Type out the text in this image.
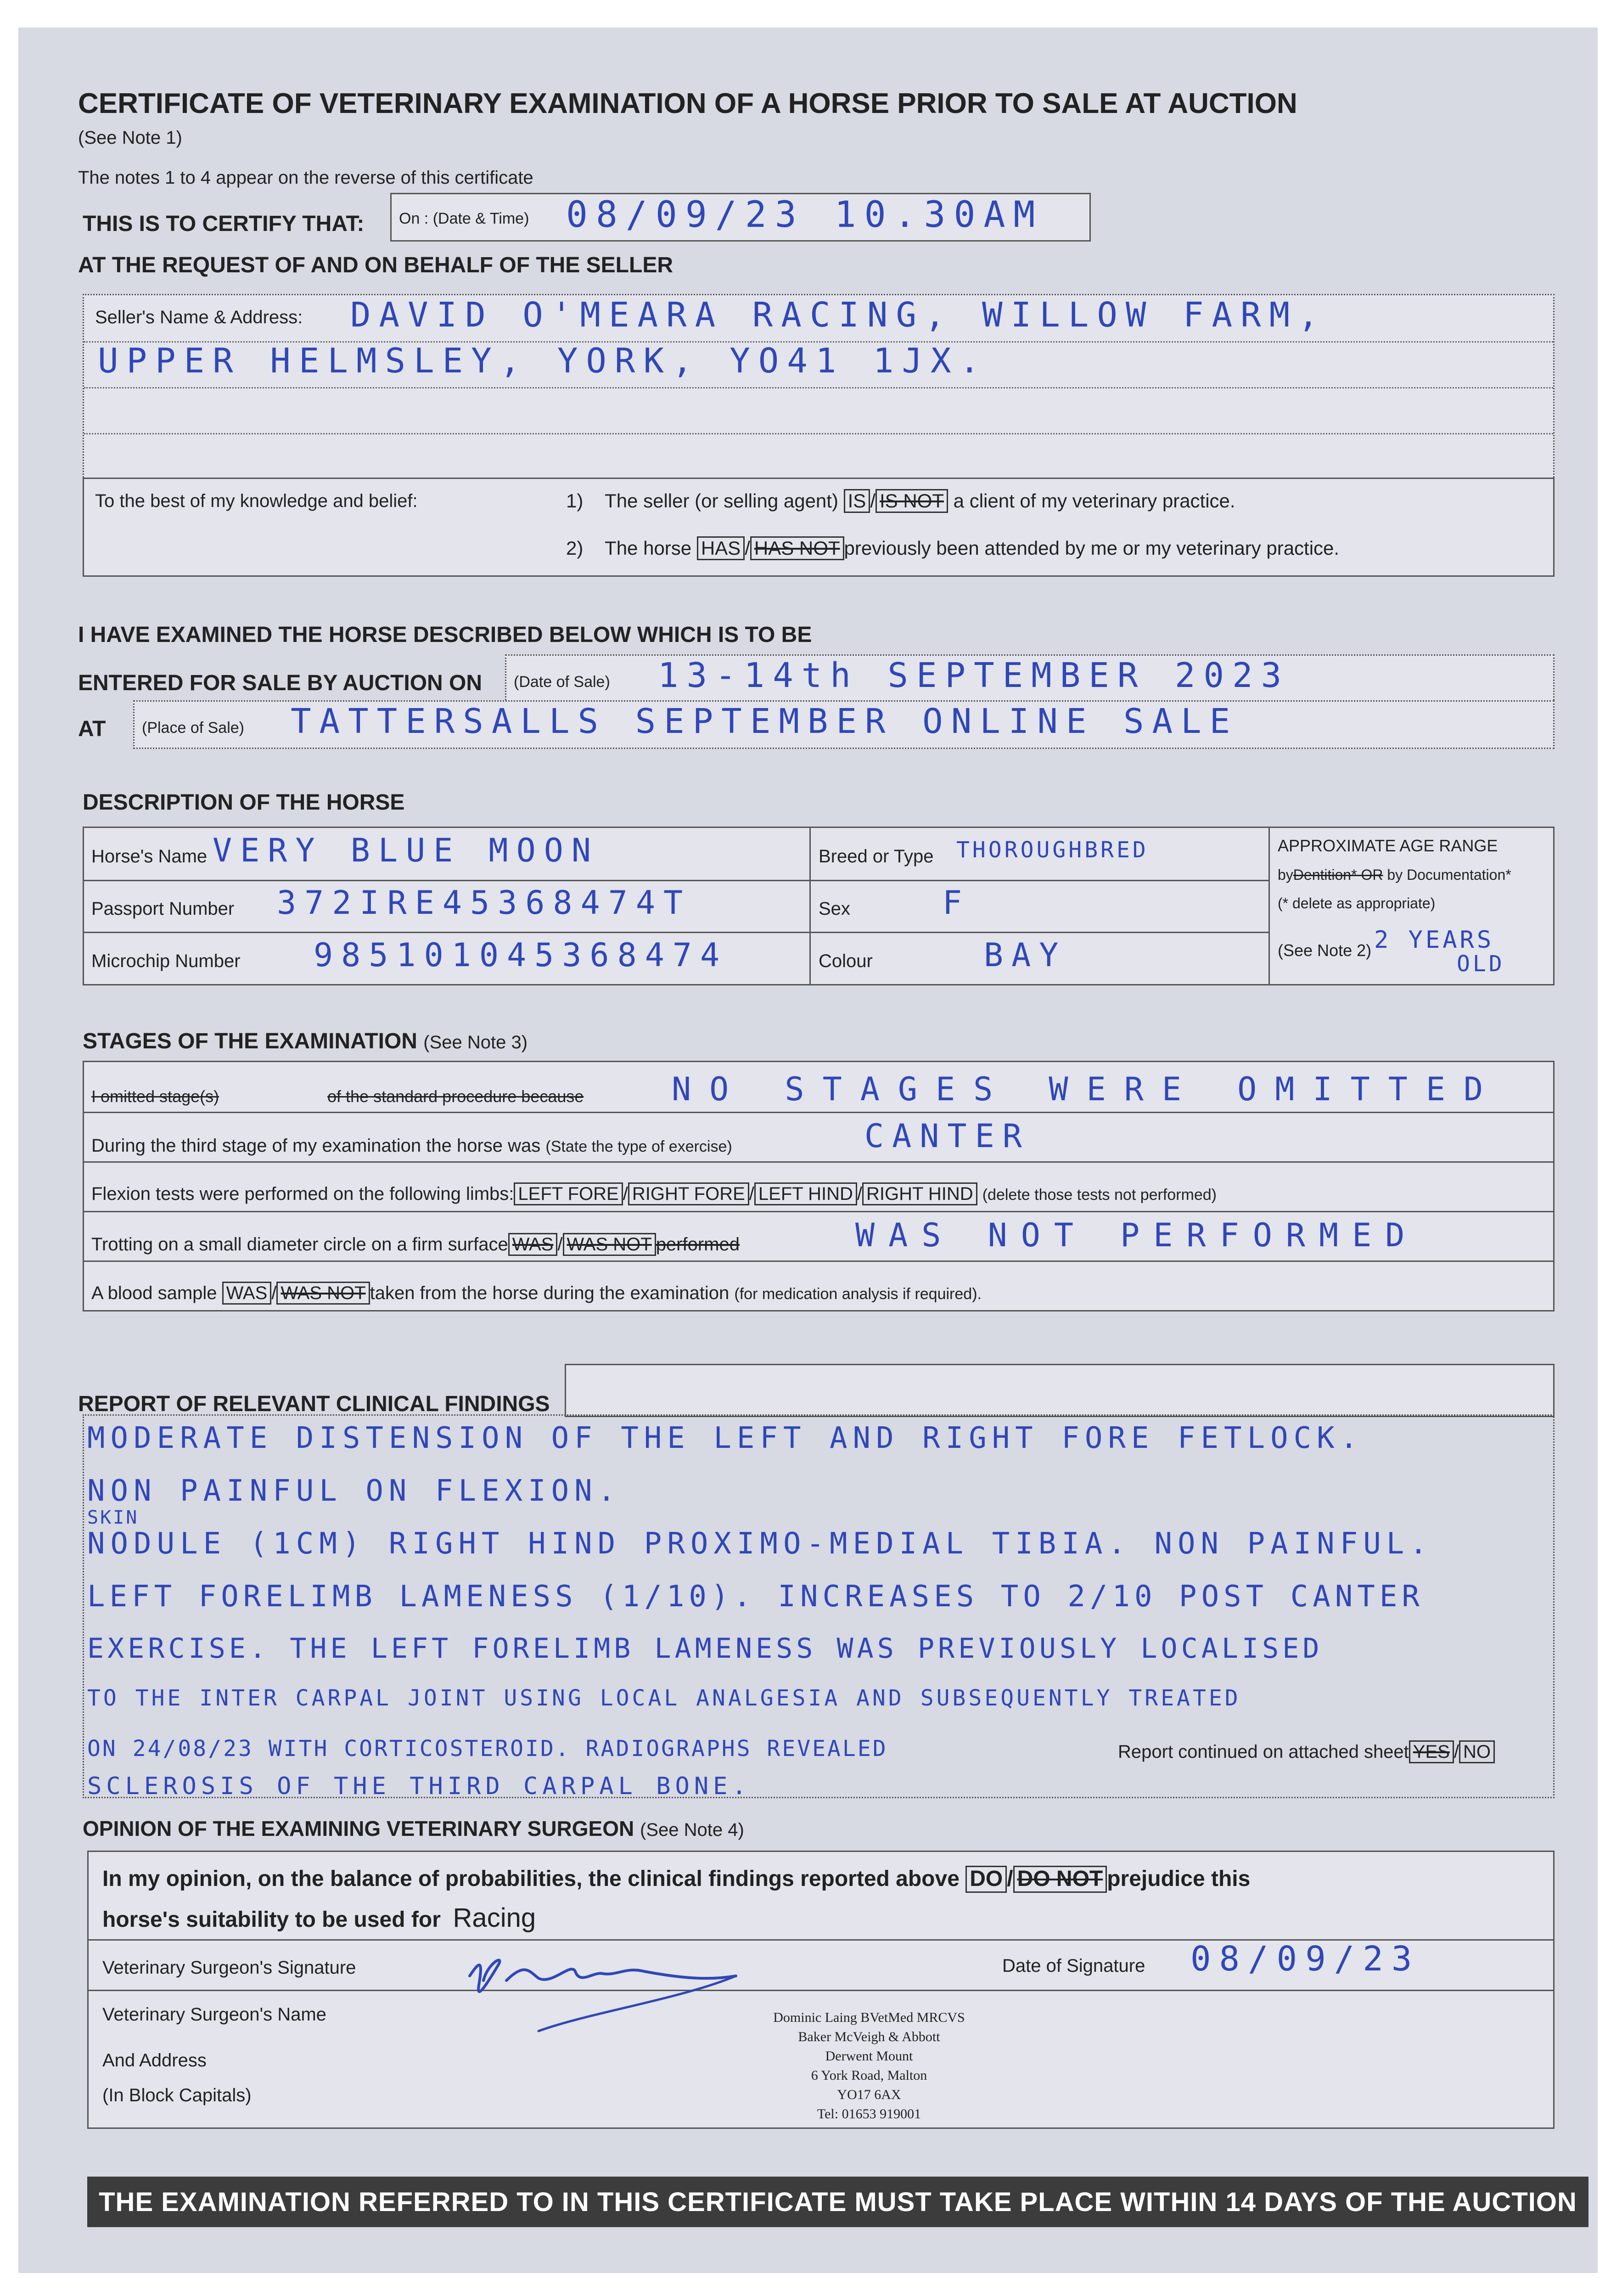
CERTIFICATE OF VETERINARY EXAMINATION OF A HORSE PRIOR TO SALE AT AUCTION
(See Note 1)
The notes 1 to 4 appear on the reverse of this certificate
THIS IS TO CERTIFY THAT: On : (Date & Time) 08/09/23 10.30AM
AT THE REQUEST OF AND ON BEHALF OF THE SELLER
Seller's Name & Address: DAVID O'MEARA RACING, WILLOW FARM,
UPPER HELMSLEY, YORK, YO41 1JX.
To the best of my knowledge and belief:	1) The seller (or selling agent) IS / IS NOT a client of my veterinary practice.
2) The horse HAS / HAS NOT previously been attended by me or my veterinary practice.
I HAVE EXAMINED THE HORSE DESCRIBED BELOW WHICH IS TO BE
ENTERED FOR SALE BY AUCTION ON (Date of Sale) 13-14th SEPTEMBER 2023
AT (Place of Sale) TATTERSALLS SEPTEMBER ONLINE SALE
DESCRIPTION OF THE HORSE
Horse's Name VERY BLUE MOON
Passport Number 372IRE45368474T
Microchip Number 985101045368474
Breed or Type THOROUGHBRED
Sex	F
Colour	BAY
APPROXIMATE AGE RANGE
byDentition* OR by Documentation*
(* delete as appropriate)
(See Note 2) 2 YEARS
OLD
STAGES OF THE EXAMINATION (See Note 3)
I omitted stage(s)	of the standard procedure because	NO STAGES WERE OMITTED
During the third stage of my examination the horse was (State the type of exercise)	CANTER
Flexion tests were performed on the following limbs: LEFT FORE / RIGHT FORE / LEFT HIND / RIGHT HIND (delete those tests not performed)
Trotting on a small diameter circle on a firm surface WAS / WAS NOT performed	WAS NOT PERFORMED
A blood sample WAS / WAS NOT taken from the horse during the examination (for medication analysis if required).
REPORT OF RELEVANT CLINICAL FINDINGS
MODERATE DISTENSION OF THE LEFT AND RIGHT FORE FETLOCK.
NON PAINFUL ON FLEXION.
SKIN
NODULE (1CM) RIGHT HIND PROXIMO-MEDIAL TIBIA. NON PAINFUL.
LEFT FORELIMB LAMENESS (1/10). INCREASES TO 2/10 POST CANTER
EXERCISE. THE LEFT FORELIMB LAMENESS WAS PREVIOUSLY LOCALISED
TO THE INTER CARPAL JOINT USING LOCAL ANALGESIA AND SUBSEQUENTLY TREATED
ON 24/08/23 WITH CORTICOSTEROID. RADIOGRAPHS REVEALED	Report continued on attached sheet YES / NO
SCLEROSIS OF THE THIRD CARPAL BONE.
OPINION OF THE EXAMINING VETERINARY SURGEON (See Note 4)
In my opinion, on the balance of probabilities, the clinical findings reported above DO / DO NOT prejudice this
horse's suitability to be used for Racing
Veterinary Surgeon's Signature	Date of Signature 08/09/23
Veterinary Surgeon's Name
And Address
(In Block Capitals)
Dominic Laing BVetMed MRCVS
Baker McVeigh & Abbott
Derwent Mount
6 York Road, Malton
YO17 6AX
Tel: 01653 919001
THE EXAMINATION REFERRED TO IN THIS CERTIFICATE MUST TAKE PLACE WITHIN 14 DAYS OF THE AUCTION
